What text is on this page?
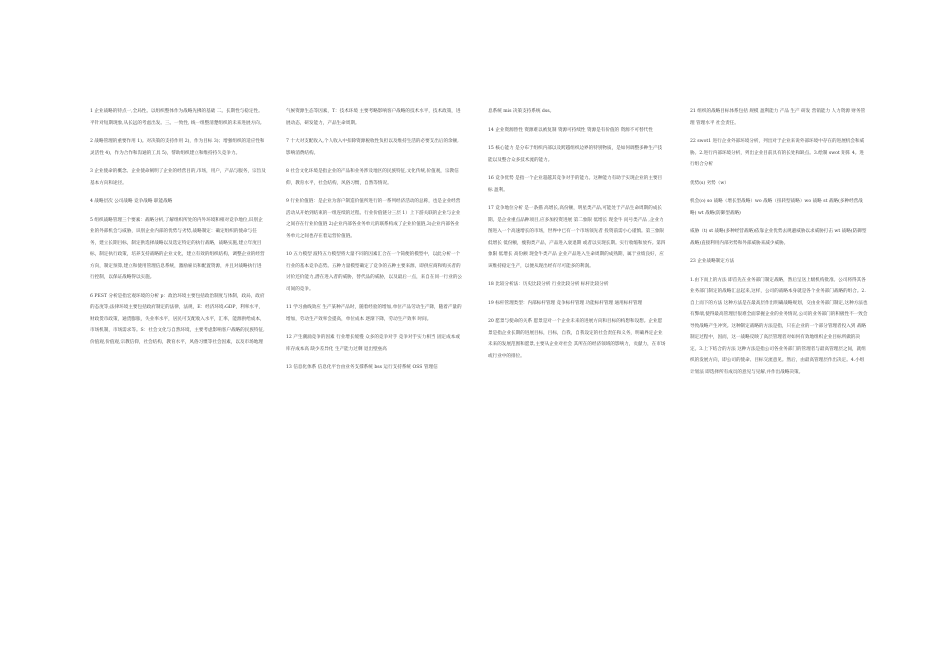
1 企业战略的特点一,全局性。以组织整体作为战略先拂的基础 二。长期性与稳定性。平针对短期现象,从长远的考虑出发。三。一致性, 线一组整清楚组织的未来进展方向。

2 战略管理的重要作用 1)。对决策的支持作用 2)，作为目标 3)；增强组织的适应性和灵活性 4)，作为合作和沟通的工具 5)，帮助组织建立和维持持久竞争力。

3 企业使命的概念。企业使命阐明了企业的经营目的,市场，用户，产品与服务，宗旨及基本方向和途径。

4 战略层次 公司战略 竞争战略 职能战略

5 组织战略管理三个要素：战略分析,了解组织所处的内外环境和相对竞争地位,识别企业的外部机会与威胁，识别企业内部的优势与劣势,战略制定：确定组织的使命与任务，建立长期目标，制定供选择战略以及选定特定的执行战略，战略实施,建立年度目标，制定执行政策，培养支持战略的企业文化，建立有效的组织结构，调整企业的经营方向，制定预算,建立和使用管理信息系统，激励雇员和配置资源，并且对战略执行进行控制，以保证战略得以实施。

6 PEST 分析是指宏观环境的分析 p：政治环境主要包括政治制度与体制，政局，政府的态度等;法律环境主要包括政府制定的法律，法规，E：经济环境:GDP，利率水平，财政货币政策，通货膨胀，失业率水平，居民可支配收入水平，汇率，能源供给成本，市场机制，市场需求等。S：社会文化与自然环境，主要考虑影响客户战略的民族特征,价值观,价值观,宗教信仰，社会结构，教育水平，风俗习惯等社会因素，以及市场地理

气候资源生态等因素，T：技术环境 主要考略影响客户战略的技术水平，技术政策，进展动态，研发能力，产品生命周期。

7 十大对支配收入,个人收入中扣除资源税收性负担以及维持生活的必要支出后的余额,影响消费结构。

8 社会文化环境是指企业的产品和业务涉及地区的民族特征,文化传统,价值观，宗教信仰，教育水平，社会结构，风俗习惯，自然等情况。

9 行业价值链：是企业为客户制造价值所进行的一系列经济活动的总称，也是企业经营活动从开始到结束的一组连续的过程。行业价值链分三层 1）上下游关联的企业与企业之间存在行业价值链 2)企业内部各业务单元的联系构成了企业价值链,3)企业内部各业务单元之间也存在着运营价值链。

10 五力模型 波特五力模型将大量不同的因素汇合在一个简便的模型中，以此分析一个行业的基本竞争态势。五种力量模型确定了竞争的五种主要来源，即供应商和购买者的讨价还价能力,潜在进入者的威胁，替代品的威胁，以及最后一点，来自在同一行业的公司间的竞争。

11 学习曲线效应 生产某种产品时，随着经验的增加,单位产品劳动生产降，随着产量的增加，劳动生产效率会提高，单位成本 逐渐下降，劳动生产效率 时间。

12 产生潮涌竞争的因素 行业增长缓慢 众多的竞争对手 竞争对手实力相当 固定成本或库存成本高 缺少差异化 生产能力过剩 退出壁垒高

13 信息化体系 信息化平台由业务支撑系统 bss 运行支持系统 OSS 管理信

息系统 mis 决策支持系统 dss。

14 企业资源替性 资源难以被复制 资源可持续性 资源是有价值的 资源不可替代性

15 核心能力 是分布于组织内部以及跨越组织边界的特别物质，是如何调整多种生产技能以及整合众多技术流的能力。

16 竞争优势 是指一个企业超越其竞争对手的能力。这种能力有助于实现企业的主要目标 盈利。

17 竞争地位分析 是一条描 高增长,高份额，明星类产品,可能处于产品生命周期的成长期。是企业重点品种项目,应多加投资进展 第二象限 低增长 现金牛 问号类产品 ,企业力图进入一个高速增长的市场，世界中已有一个市场领先者 投资前需小心谨慎。第三象限 低增长 低份额，瘦狗类产品，产品进入衰退期 或者以实现长期。实行收缩和放弃。第四象限 低增长 高份额 现金牛类产品 企业产品进入生命周期的成熟期，属于业绩良好，应该维持稳定生产，以便从现出经有尽可能多的利润。

18 比较分析法：历史比较分析 行业比较分析 标杆比较分析

19 标杆管理类型：内部标杆管理 竞争标杆管理 功能标杆管理 通用标杆管理

20 愿景与使命的关系 愿景是对一个企业未来的进展方向和目标的构想和设想。企业愿景是指企业长期的进展目标，目标，自我，自我设定的社会责任和义务，明确界定企业未来的发展范围和愿景,主要从企业对社会 其所在的经济领域的影响力，贡献力，在市场或行业中的排位。

21 组织的战略目标体系包括 规模 盈利能力 产品 生产 研发 营销能力 人力资源 财务管理 管理水平 社会责任。

22 swot1 进行企业外部环境分析，列出对于企业来说外部环境中存在的进展机会和威胁。2.进行内部环境分析，列出企业目前具有的长处和缺点。3.绘制 swot 矩阵 4。进行组合分析

优势(s) 劣势（w）

机会(o) so 战略（增长型战略）wo 战略（扭转型战略）wo 战略 st 战略(多种经营战略) wt 战略(防御型战略)

威胁（t) st 战略(多种经营战略)依靠企业优势去规避威胁以求威胁打击 wt 战略(防御型战略)直接利用内部劣势和外部威胁来减少威胁。

23 企业战略制定方法

1.由下而上的方法 即首先在业务部门制定战略，然后呈送上级机构批准。公司将得其各业务部门制定的战略汇总起来,这样，公司的战略本身就是各个业务部门战略的组合。2.自上而下的方法 这种方法是在最高层作出明确战略规划，交由业务部门制定,这种方法也有弊端,使得最高管理层很难全面掌握企业的业务情况,公司的业务部门的积极性不一致会导致战略产生冲突。这种制定战略的方法是指，只在企业的一个部分管理者投入到 战略制定过程中，因而，这一战略反映了高层管理者对如何有效地组织企业目标所做的决定。3.上下结合的方法 这种方法是指公司各业务部门的管理者与最高管理层之间，就组织的发展方向，即公司的使命、目标交流意见。然后，由最高管理层作出决定。4.小组计划法 即选择所有成员的意见与见解,并作出战略决策。
